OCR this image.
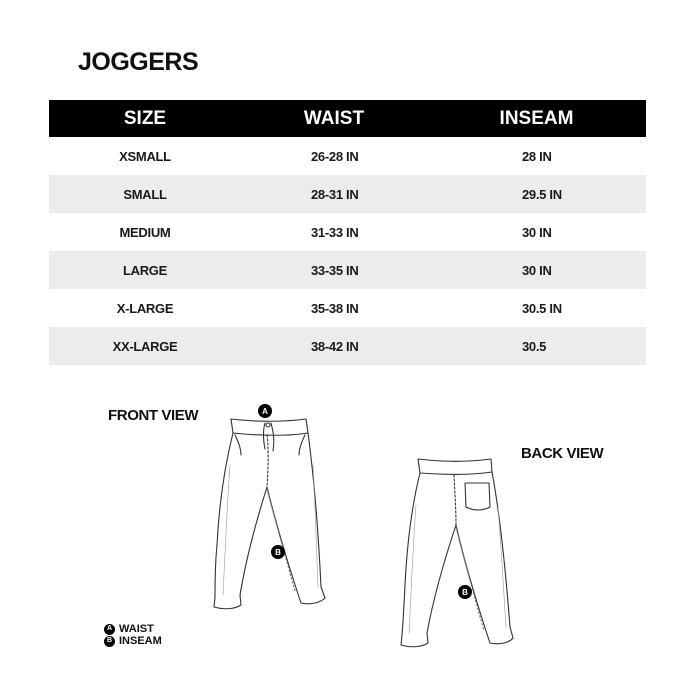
JOGGERS
SIZE	WAIST	INSEAM
XSMALL	26-28 IN	28 IN
SMALL	28-31 IN	29.5 IN
MEDIUM	31-33 IN	30 IN
LARGE	33-35 IN	30 IN
X-LARGE	35-38 IN	30.5 IN
XX-LARGE	38-42 IN	30.5
FRONT VIEW
BACK VIEW
A
B
B
A WAIST
B INSEAM
